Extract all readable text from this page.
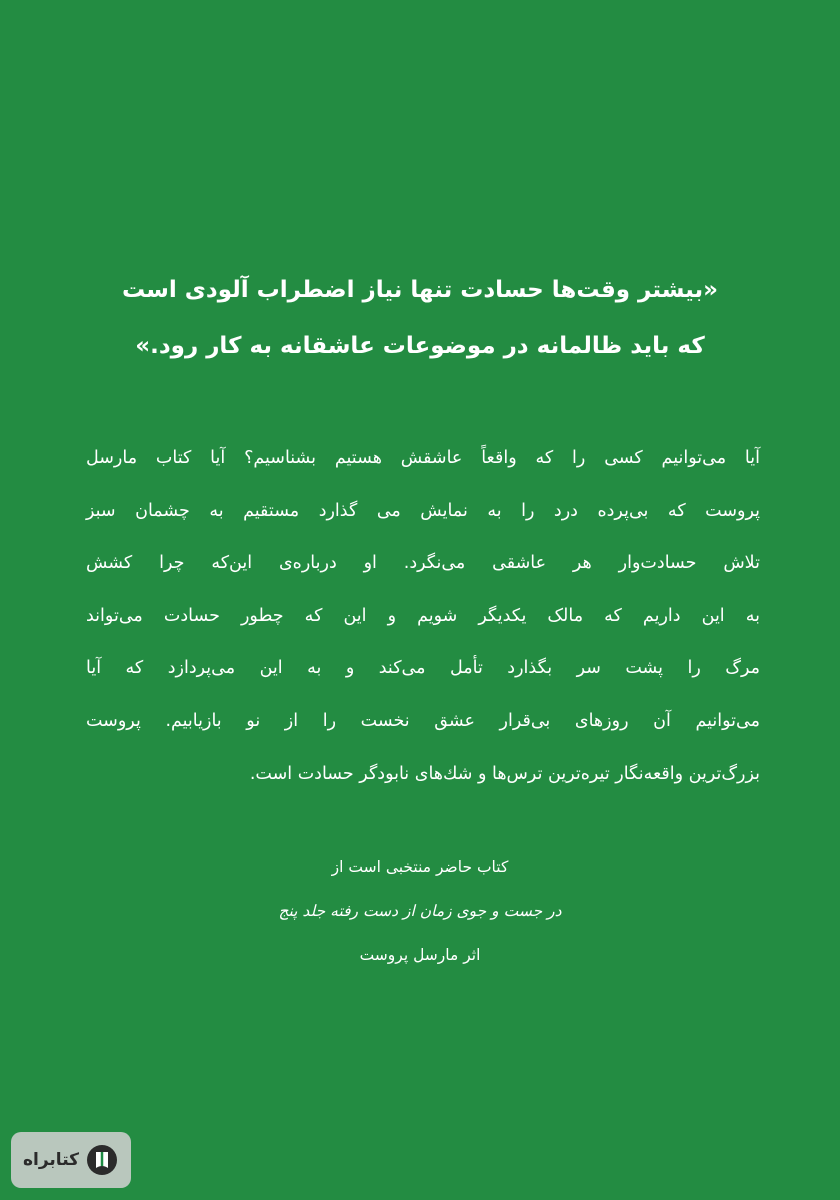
«بیشتر وقت‌ها حسادت تنها نیاز اضطراب آلودی است
که باید ظالمانه در موضوعات عاشقانه به کار رود.»
آیا می‌توانیم کسی را که واقعاً عاشقش هستیم بشناسیم؟ آیا کتاب مارسل
پروست که بی‌پرده درد را به نمایش می گذارد مستقیم به چشمان سبز
تلاش حسادت‌وار هر عاشقی می‌نگرد. او درباره‌ی این‌که چرا کشش
به این داریم که مالک یکدیگر شویم و این که چطور حسادت می‌تواند
مرگ را پشت سر بگذارد تأمل می‌کند و به این می‌پردازد که آیا
می‌توانیم آن روزهای بی‌قرار عشق نخست را از نو بازیابیم. پروست
بزرگ‌ترین واقعه‌نگار تیره‌ترین ترس‌ها و شك‌های نابودگر حسادت است.
کتاب حاضر منتخبی است از
در جست و جوی زمان از دست رفته جلد پنج
اثر مارسل پروست
کتابراه
